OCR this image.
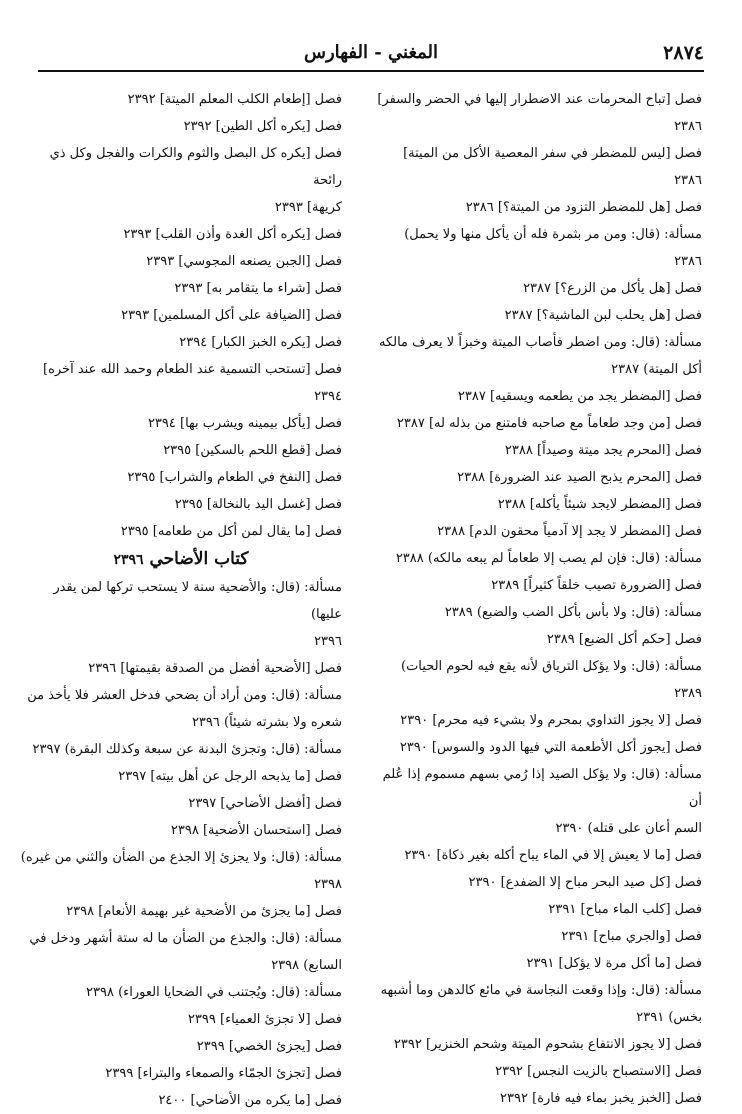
٢٨٧٤
المغني - الفهارس
فصل [تباح المحرمات عند الاضطرار إليها في الحضر والسفر]
٢٣٨٦
فصل [ليس للمضطر في سفر المعصية الأكل من الميتة] ٢٣٨٦
فصل [هل للمضطر التزود من الميتة؟] ٢٣٨٦
مسألة: (قال: ومن مر بثمرة فله أن يأكل منها ولا يحمل)
٢٣٨٦
فصل [هل يأكل من الزرع؟] ٢٣٨٧
فصل [هل يحلب لبن الماشية؟] ٢٣٨٧
مسألة: (قال: ومن اضطر فأصاب الميتة وخبزاً لا يعرف مالكه
أكل الميتة) ٢٣٨٧
فصل [المضطر يجد من يطعمه ويسقيه] ٢٣٨٧
فصل [من وجد طعاماً مع صاحبه فامتنع من بذله له] ٢٣٨٧
فصل [المحرم يجد ميتة وصيداً] ٢٣٨٨
فصل [المحرم يذبح الصيد عند الضرورة] ٢٣٨٨
فصل [المضطر لايجد شيئاً يأكله] ٢٣٨٨
فصل [المضطر لا يجد إلا آدمياً محقون الدم] ٢٣٨٨
مسألة: (قال: فإن لم يصب إلا طعاماً لم يبعه مالكه) ٢٣٨٨
فصل [الضرورة تصيب خلقاً كثيراً] ٢٣٨٩
مسألة: (قال: ولا بأس بأكل الضب والضبع) ٢٣٨٩
فصل [حكم أكل الضبع] ٢٣٨٩
مسألة: (قال: ولا يؤكل الترياق لأنه يقع فيه لحوم الحيات)
٢٣٨٩
فصل [لا يجوز التداوي بمحرم ولا بشيء فيه محرم] ٢٣٩٠
فصل [يجوز أكل الأطعمة التي فيها الدود والسوس] ٢٣٩٠
مسألة: (قال: ولا يؤكل الصيد إذا رُمي بسهم مسموم إذا عُلم أن
السم أعان على قتله) ٢٣٩٠
فصل [ما لا يعيش إلا في الماء يباح أكله بغير ذكاة] ٢٣٩٠
فصل [كل صيد البحر مباح إلا الضفدع] ٢٣٩٠
فصل [كلب الماء مباح] ٢٣٩١
فصل [والجري مباح] ٢٣٩١
فصل [ما أكل مرة لا يؤكل] ٢٣٩١
مسألة: (قال: وإذا وقعت النجاسة في مائع كالدهن وما أشبهه
بخس) ٢٣٩١
فصل [لا يجوز الانتفاع بشحوم الميتة وشحم الخنزير] ٢٣٩٢
فصل [الاستصباح بالزيت النجس] ٢٣٩٢
فصل [الخبز يخبز بماء فيه فارة] ٢٣٩٢
فصل [إطعام الكلب المعلم الميتة] ٢٣٩٢
فصل [يكره أكل الطين] ٢٣٩٢
فصل [يكره كل البصل والثوم والكرات والفجل وكل ذي رائحة
كريهة] ٢٣٩٣
فصل [يكره أكل الغدة وأذن القلب] ٢٣٩٣
فصل [الجبن يصنعه المجوسي] ٢٣٩٣
فصل [شراء ما يتقامر به] ٢٣٩٣
فصل [الضيافة على أكل المسلمين] ٢٣٩٣
فصل [يكره الخبز الكبار] ٢٣٩٤
فصل [تستحب التسمية عند الطعام وحمد الله عند آخره]
٢٣٩٤
فصل [يأكل بيمينه ويشرب بها] ٢٣٩٤
فصل [قطع اللحم بالسكين] ٢٣٩٥
فصل [النفخ في الطعام والشراب] ٢٣٩٥
فصل [غسل اليد بالنخالة] ٢٣٩٥
فصل [ما يقال لمن أكل من طعامه] ٢٣٩٥
كتاب الأضاحي ٢٣٩٦
مسألة: (قال: والأضحية سنة لا يستحب تركها لمن يقدر عليها)
٢٣٩٦
فصل [الأضحية أفضل من الصدقة بقيمتها] ٢٣٩٦
مسألة: (قال: ومن أراد أن يضحي فدخل العشر فلا يأخذ من
شعره ولا بشرته شيئاً) ٢٣٩٦
مسألة: (قال: وتجزئ البدنة عن سبعة وكذلك البقرة) ٢٣٩٧
فصل [ما يذبحه الرجل عن أهل بيته] ٢٣٩٧
فصل [أفضل الأضاحي] ٢٣٩٧
فصل [استحسان الأضحية] ٢٣٩٨
مسألة: (قال: ولا يجزئ إلا الجذع من الضأن والثني من غيره)
٢٣٩٨
فصل [ما يجزئ من الأضحية غير بهيمة الأنعام] ٢٣٩٨
مسألة: (قال: والجذع من الضأن ما له ستة أشهر ودخل في
السابع) ٢٣٩٨
مسألة: (قال: ويُجتنب في الضحايا العوراء) ٢٣٩٨
فصل [لا تجزئ العمياء] ٢٣٩٩
فصل [يجزئ الخصي] ٢٣٩٩
فصل [تجزئ الجمّاء والصمعاء والبتراء] ٢٣٩٩
فصل [ما يكره من الأضاحي] ٢٤٠٠
